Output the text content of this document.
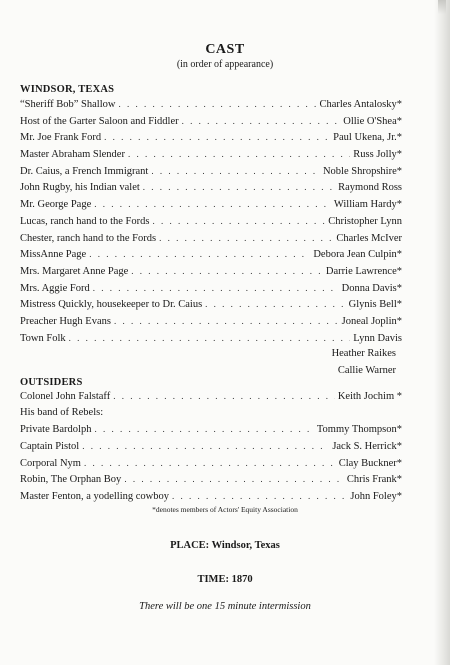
CAST
(in order of appearance)
WINDSOR, TEXAS
“Sheriff Bob” Shallow . . .	Charles Antalosky*
Host of the Garter Saloon and Fiddler . . .	Ollie O'Shea*
Mr. Joe Frank Ford . . .	Paul Ukena, Jr.*
Master Abraham Slender . . .	Russ Jolly*
Dr. Caius, a French Immigrant . . .	Noble Shropshire*
John Rugby, his Indian valet . . .	Raymond Ross
Mr. George Page . . .	William Hardy*
Lucas, ranch hand to the Fords . . .	Christopher Lynn
Chester, ranch hand to the Fords . . .	Charles McIver
MissAnne Page . . .	Debora Jean Culpin*
Mrs. Margaret Anne Page . . .	Darrie Lawrence*
Mrs. Aggie Ford . . .	Donna Davis*
Mistress Quickly, housekeeper to Dr. Caius . . .	Glynis Bell*
Preacher Hugh Evans . . .	Joneal Joplin*
Town Folk . . .	Lynn Davis
Heather Raikes
Callie Warner
OUTSIDERS
Colonel John Falstaff . . .	Keith Jochim *
His band of Rebels:
Private Bardolph . . .	Tommy Thompson*
Captain Pistol . . .	Jack S. Herrick*
Corporal Nym . . .	Clay Buckner*
Robin, The Orphan Boy . . .	Chris Frank*
Master Fenton, a yodelling cowboy . . .	John Foley*
*denotes members of Actors' Equity Association
PLACE: Windsor, Texas
TIME: 1870
There will be one 15 minute intermission
